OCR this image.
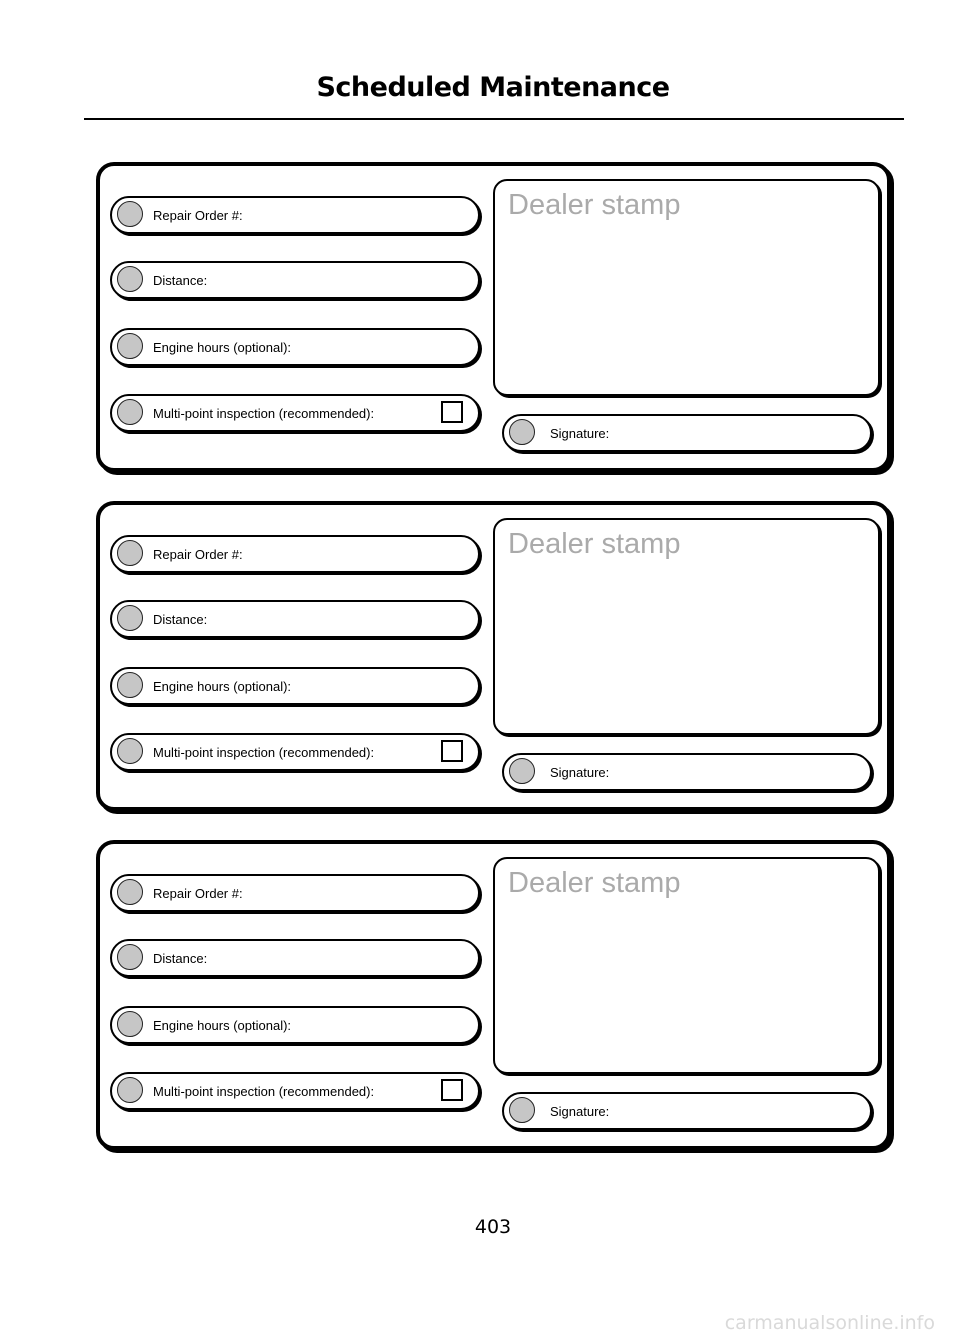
Scheduled Maintenance
Repair Order #:
Distance:
Engine hours (optional):
Multi-point inspection (recommended):
Dealer stamp
Signature:
Repair Order #:
Distance:
Engine hours (optional):
Multi-point inspection (recommended):
Dealer stamp
Signature:
Repair Order #:
Distance:
Engine hours (optional):
Multi-point inspection (recommended):
Dealer stamp
Signature:
403
carmanualsonline.info
